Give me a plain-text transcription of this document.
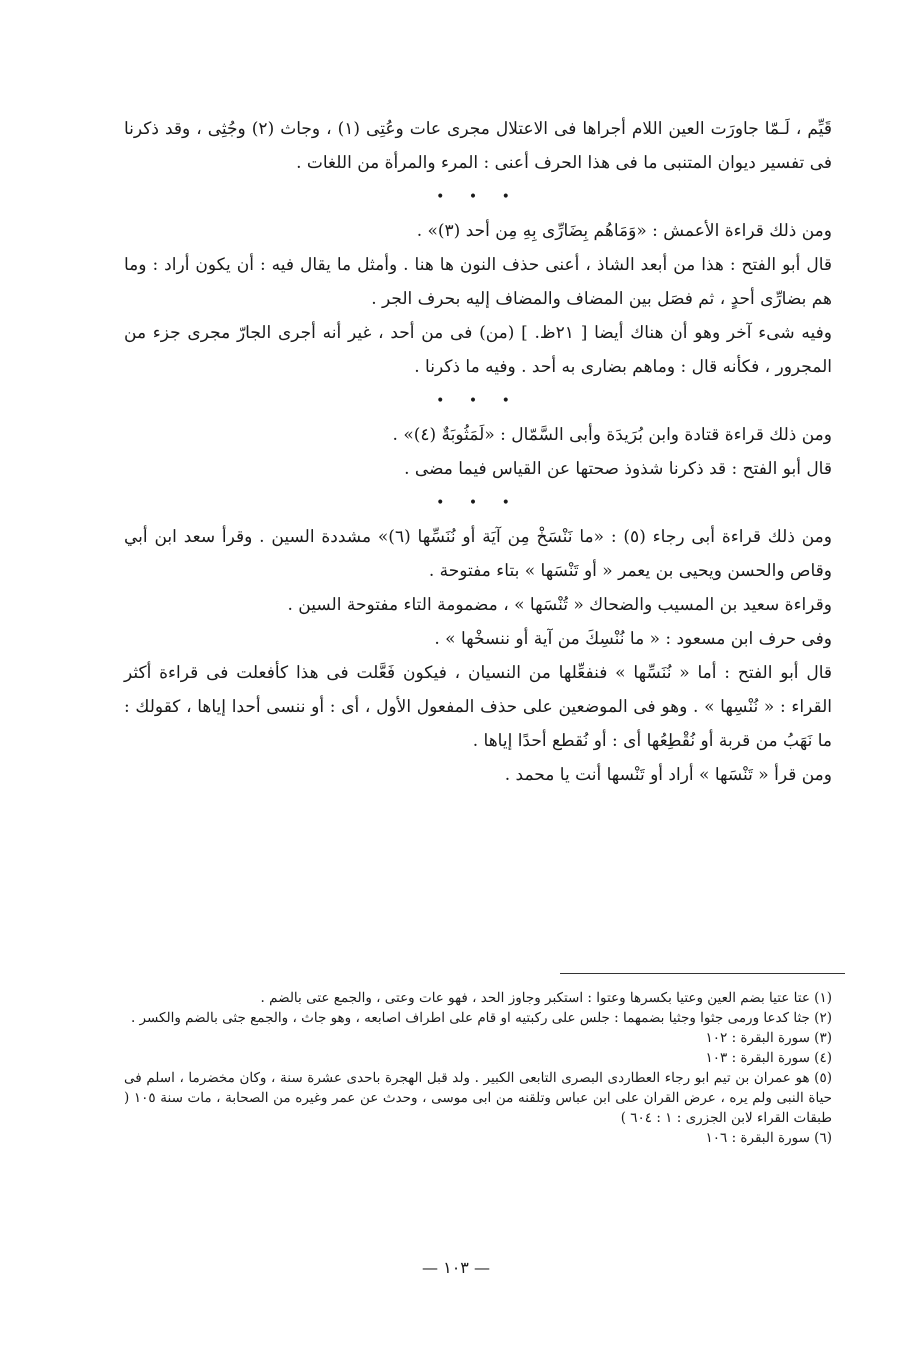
قَيِّم ، لَـمّا جاورَت العين اللام أجراها فى الاعتلال مجرى عات وعُتِى (١) ، وجاث (٢) وجُثِى ، وقد ذكرنا فى تفسير ديوان المتنبى ما فى هذا الحرف أعنى : المرء والمرأة من اللغات .

• • •

ومن ذلك قراءة الأعمش : «وَمَاهُم بِضَارِّى بِهِ مِن أحد (٣)» .

قال أبو الفتح : هذا من أبعد الشاذ ، أعنى حذف النون ها هنا . وأمثل ما يقال فيه : أن يكون أراد : وما هم بضارِّى أحدٍ ، ثم فصَل بين المضاف والمضاف إليه بحرف الجر .

وفيه شىء آخر وهو أن هناك أيضا [ ٢١ظ. ] (من) فى من أحد ، غير أنه أجرى الجارّ مجرى جزء من المجرور ، فكأنه قال : وماهم بضارى به أحد . وفيه ما ذكرنا .

• • •

ومن ذلك قراءة قتادة وابن بُرَيدَة وأبى السَّمّال : «لَمَثُوبَةٌ (٤)» .

قال أبو الفتح : قد ذكرنا شذوذ صحتها عن القياس فيما مضى .

• • •

ومن ذلك قراءة أبى رجاء (٥) : «ما نَنْسَخْ مِن آيَة أو نُنَسِّها (٦)» مشددة السين . وقرأ سعد ابن أبي وقاص والحسن ويحيى بن يعمر « أو تَنْسَها » بتاء مفتوحة .

وقراءة سعيد بن المسيب والضحاك « تُنْسَها » ، مضمومة التاء مفتوحة السين .

وفى حرف ابن مسعود : « ما نُنْسِكَ من آية أو ننسخْها » .

قال أبو الفتح : أما « نُنَسِّها » فنفعِّلها من النسيان ، فيكون فَعَّلت فى هذا كأفعلت فى قراءة أكثر القراء : « نُنْسِها » . وهو فى الموضعين على حذف المفعول الأول ، أى : أو ننسى أحدا إياها ، كقولك : ما نَهَبُ من قربة أو نُقْطِعُها أى : أو نُقطع أحدًا إياها .

ومن قرأ « تَنْسَها » أراد أو تَنْسها أنت يا محمد .

(١) عتا عتيا بضم العين وعتيا بكسرها وعتوا : استكبر وجاوز الحد ، فهو عات وعتى ، والجمع عتى بالضم .

(٢) جثا كدعا ورمى جثوا وجثيا بضمهما : جلس على ركبتيه او قام على اطراف اصابعه ، وهو جاث ، والجمع جثى بالضم والكسر .

(٣) سورة البقرة : ١٠٢

(٤) سورة البقرة : ١٠٣

(٥) هو عمران بن تيم ابو رجاء العطاردى البصرى التابعى الكبير . ولد قبل الهجرة باحدى عشرة سنة ، وكان مخضرما ، اسلم فى حياة النبى ولم يره ، عرض القران على ابن عباس وتلقنه من ابى موسى ، وحدث عن عمر وغيره من الصحابة ، مات سنة ١٠٥ ( طبقات القراء لابن الجزرى : ١ : ٦٠٤ )

(٦) سورة البقرة : ١٠٦

— ١٠٣ —
